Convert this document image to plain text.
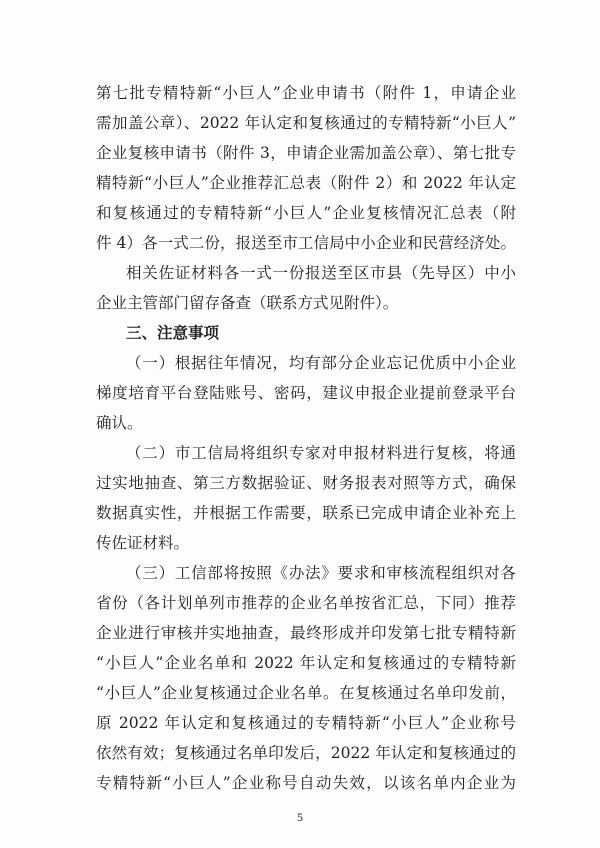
第七批专精特新“小巨人”企业申请书（附件 1，申请企业
需加盖公章）、2022 年认定和复核通过的专精特新“小巨人”
企业复核申请书（附件 3，申请企业需加盖公章）、第七批专
精特新“小巨人”企业推荐汇总表（附件 2）和 2022 年认定
和复核通过的专精特新“小巨人”企业复核情况汇总表（附
件 4）各一式二份，报送至市工信局中小企业和民营经济处。
相关佐证材料各一式一份报送至区市县（先导区）中小
企业主管部门留存备查（联系方式见附件）。
三、注意事项
（一）根据往年情况，均有部分企业忘记优质中小企业
梯度培育平台登陆账号、密码，建议申报企业提前登录平台
确认。
（二）市工信局将组织专家对申报材料进行复核，将通
过实地抽查、第三方数据验证、财务报表对照等方式，确保
数据真实性，并根据工作需要，联系已完成申请企业补充上
传佐证材料。
（三）工信部将按照《办法》要求和审核流程组织对各
省份（各计划单列市推荐的企业名单按省汇总，下同）推荐
企业进行审核并实地抽查，最终形成并印发第七批专精特新
“小巨人”企业名单和 2022 年认定和复核通过的专精特新
“小巨人”企业复核通过企业名单。在复核通过名单印发前，
原 2022 年认定和复核通过的专精特新“小巨人”企业称号
依然有效；复核通过名单印发后，2022 年认定和复核通过的
专精特新“小巨人”企业称号自动失效，以该名单内企业为
5
